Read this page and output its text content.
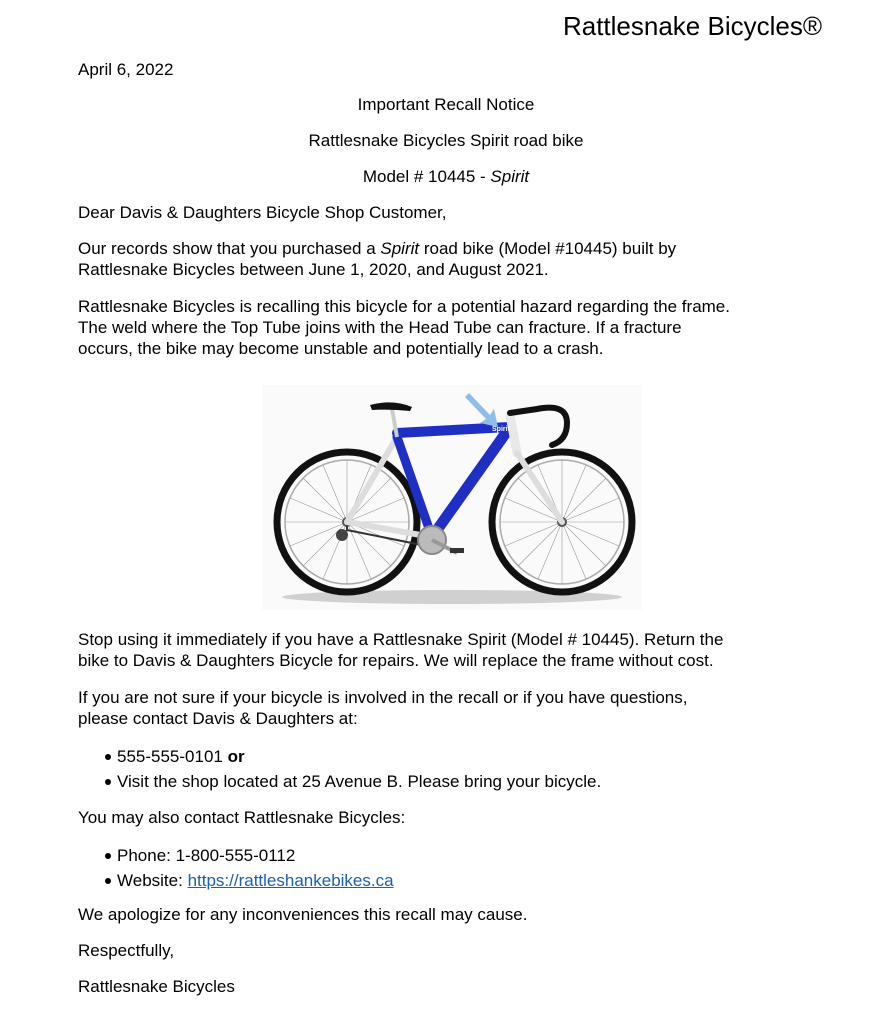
Rattlesnake Bicycles®

April 6, 2022

Important Recall Notice

Rattlesnake Bicycles Spirit road bike

Model # 10445 - Spirit

Dear Davis & Daughters Bicycle Shop Customer,

Our records show that you purchased a Spirit road bike (Model #10445) built by

Rattlesnake Bicycles between June 1, 2020, and August 2021.

Rattlesnake Bicycles is recalling this bicycle for a potential hazard regarding the frame.

The weld where the Top Tube joins with the Head Tube can fracture. If a fracture

occurs, the bike may become unstable and potentially lead to a crash.

Spirit

Stop using it immediately if you have a Rattlesnake Spirit (Model # 10445). Return the

bike to Davis & Daughters Bicycle for repairs. We will replace the frame without cost.

If you are not sure if your bicycle is involved in the recall or if you have questions,

please contact Davis & Daughters at:

555-555-0101 or
Visit the shop located at 25 Avenue B. Please bring your bicycle.

You may also contact Rattlesnake Bicycles:

Phone: 1-800-555-0112
Website: https://rattleshankebikes.ca

We apologize for any inconveniences this recall may cause.

Respectfully,

Rattlesnake Bicycles
